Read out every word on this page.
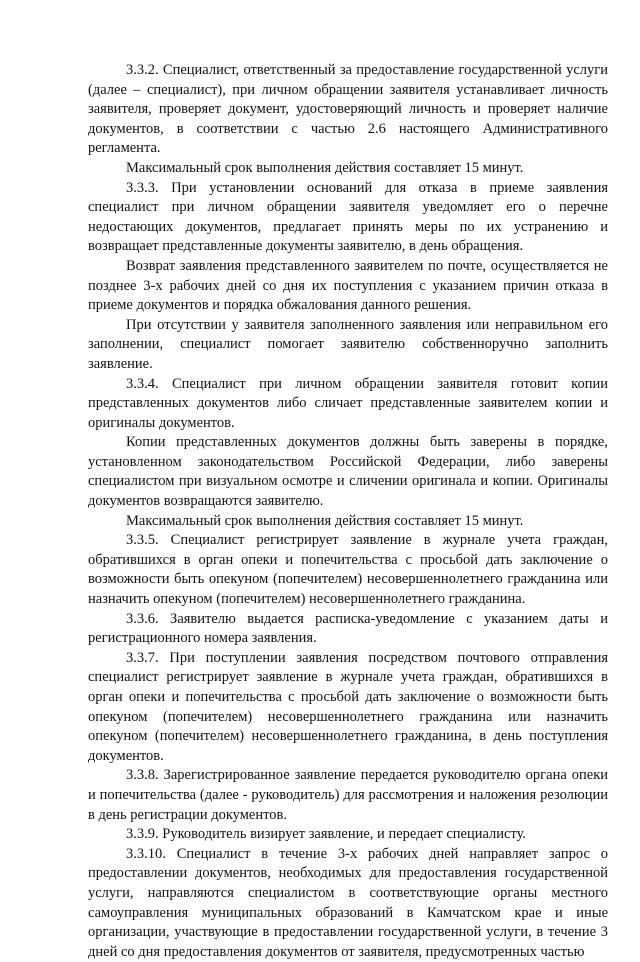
3.3.2. Специалист, ответственный за предоставление государственной услуги (далее – специалист), при личном обращении заявителя устанавливает личность заявителя, проверяет документ, удостоверяющий личность и проверяет наличие документов, в соответствии с частью 2.6 настоящего Административного регламента.

Максимальный срок выполнения действия составляет 15 минут.

3.3.3. При установлении оснований для отказа в приеме заявления специалист при личном обращении заявителя уведомляет его о перечне недостающих документов, предлагает принять меры по их устранению и возвращает представленные документы заявителю, в день обращения.

Возврат заявления представленного заявителем по почте, осуществляется не позднее 3-х рабочих дней со дня их поступления с указанием причин отказа в приеме документов и порядка обжалования данного решения.

При отсутствии у заявителя заполненного заявления или неправильном его заполнении, специалист помогает заявителю собственноручно заполнить заявление.

3.3.4. Специалист при личном обращении заявителя готовит копии представленных документов либо сличает представленные заявителем копии и оригиналы документов.

Копии представленных документов должны быть заверены в порядке, установленном законодательством Российской Федерации, либо заверены специалистом при визуальном осмотре и сличении оригинала и копии. Оригиналы документов возвращаются заявителю.

Максимальный срок выполнения действия составляет 15 минут.

3.3.5. Специалист регистрирует заявление в журнале учета граждан, обратившихся в орган опеки и попечительства с просьбой дать заключение о возможности быть опекуном (попечителем) несовершеннолетнего гражданина или назначить опекуном (попечителем) несовершеннолетнего гражданина.

3.3.6. Заявителю выдается расписка-уведомление с указанием даты и регистрационного номера заявления.

3.3.7. При поступлении заявления посредством почтового отправления специалист регистрирует заявление в журнале учета граждан, обратившихся в орган опеки и попечительства с просьбой дать заключение о возможности быть опекуном (попечителем) несовершеннолетнего гражданина или назначить опекуном (попечителем) несовершеннолетнего гражданина, в день поступления документов.

3.3.8. Зарегистрированное заявление передается руководителю органа опеки и попечительства (далее - руководитель) для рассмотрения и наложения резолюции в день регистрации документов.

3.3.9. Руководитель визирует заявление, и передает специалисту.

3.3.10. Специалист в течение 3-х рабочих дней направляет запрос о предоставлении документов, необходимых для предоставления государственной услуги, направляются специалистом в соответствующие органы местного самоуправления муниципальных образований в Камчатском крае и иные организации, участвующие в предоставлении государственной услуги, в течение 3 дней со дня предоставления документов от заявителя, предусмотренных частью
